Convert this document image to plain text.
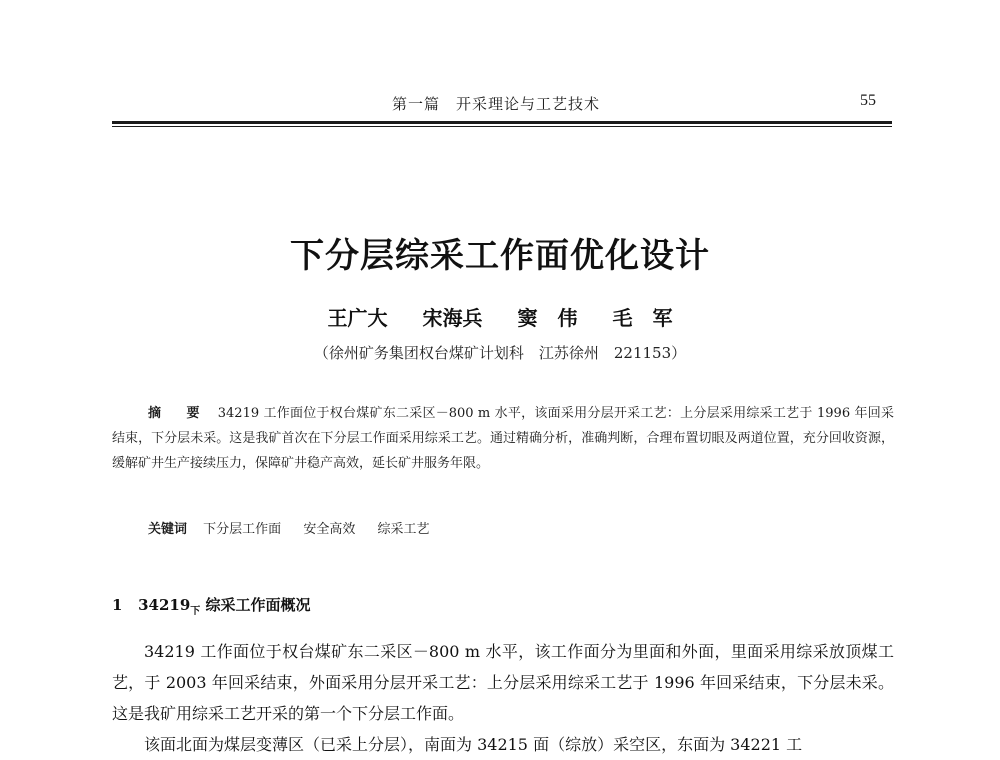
第一篇　开采理论与工艺技术	55
下分层综采工作面优化设计
王广大 宋海兵 窦　伟 毛　军
（徐州矿务集团权台煤矿计划科　江苏徐州　221153）
摘　要 34219 工作面位于权台煤矿东二采区－800 m 水平，该面采用分层开采工艺：上分层采用综采工艺于 1996 年回采结束，下分层未采。这是我矿首次在下分层工作面采用综采工艺。通过精确分析，准确判断，合理布置切眼及两道位置，充分回收资源，缓解矿井生产接续压力，保障矿井稳产高效，延长矿井服务年限。
关键词 下分层工作面 安全高效 综采工艺
1 $34219_下$ 综采工作面概况

34219 工作面位于权台煤矿东二采区－800 m 水平，该工作面分为里面和外面，里面采用综采放顶煤工艺，于 2003 年回采结束，外面采用分层开采工艺：上分层采用综采工艺于 1996 年回采结束，下分层未采。这是我矿用综采工艺开采的第一个下分层工作面。

该面北面为煤层变薄区（已采上分层），南面为 34215 面（综放）采空区，东面为 34221 工
